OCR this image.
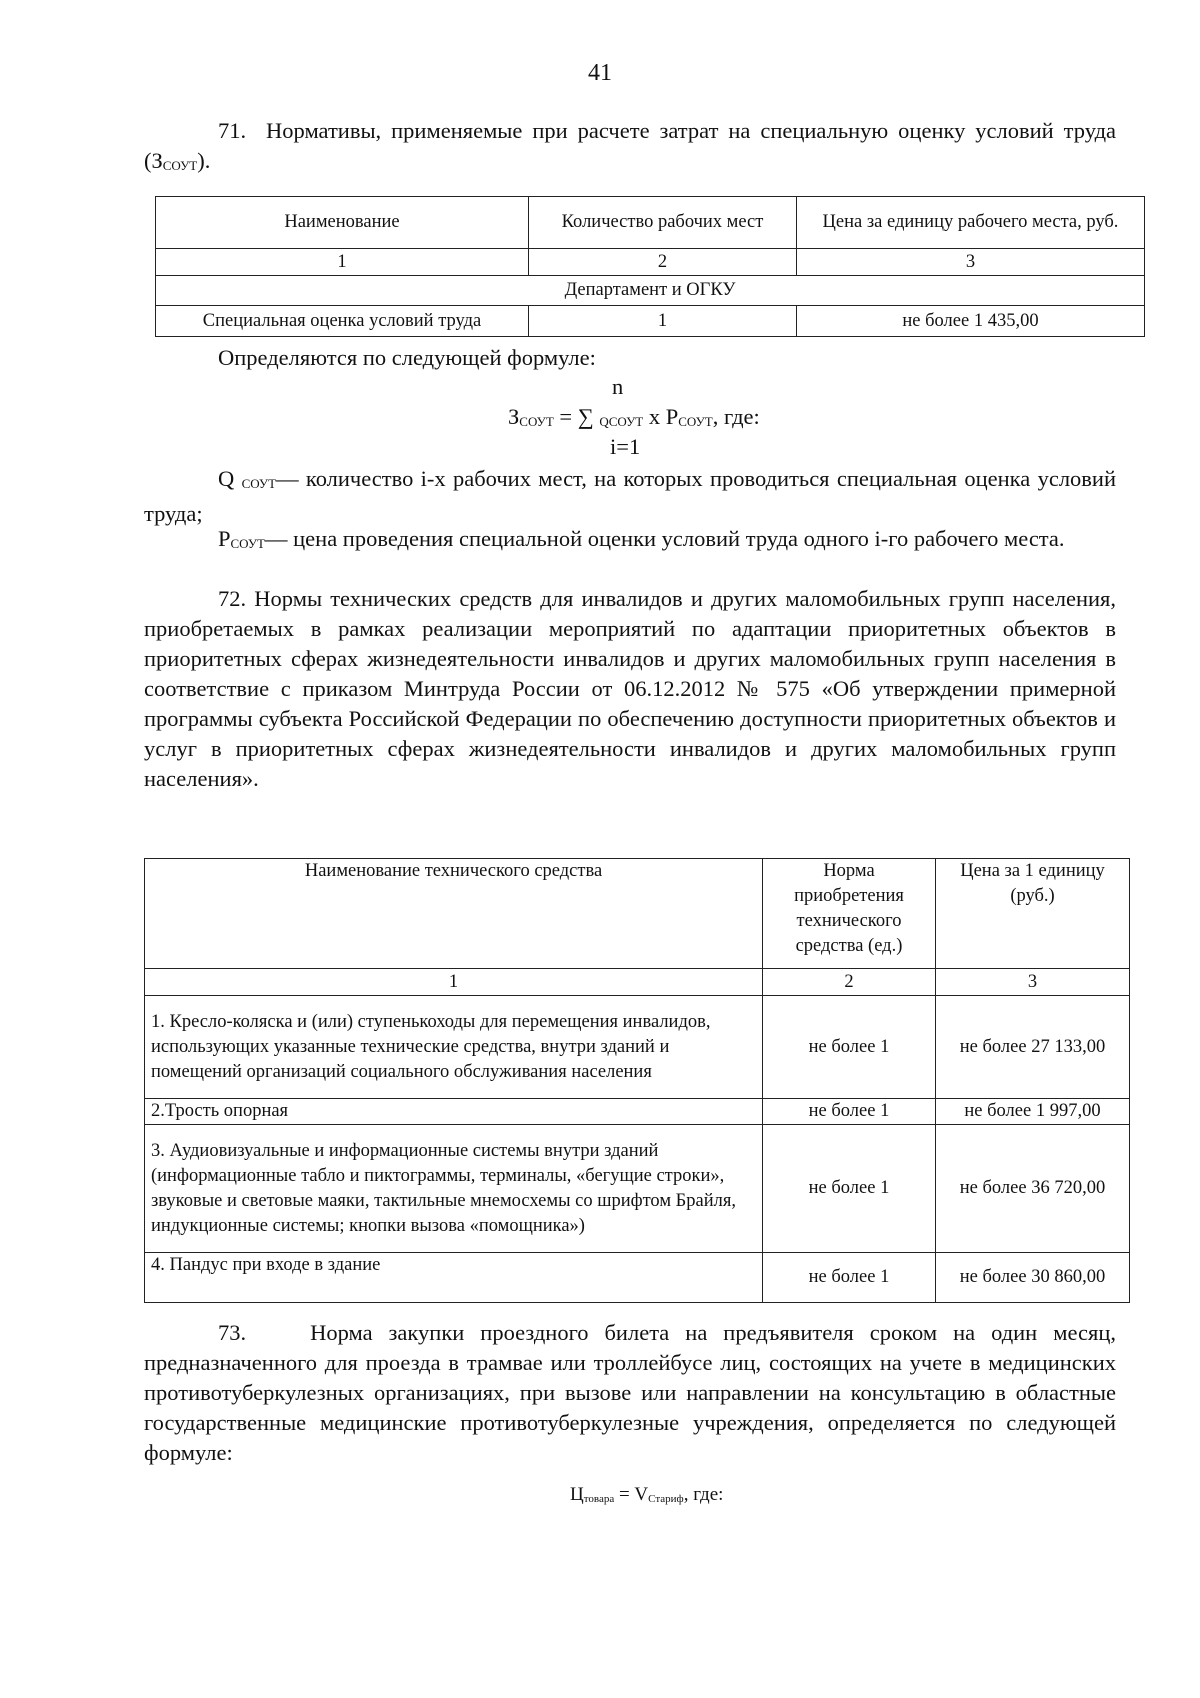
41
71. Нормативы, применяемые при расчете затрат на специальную оценку условий труда $(З_{СОУТ})$.
Наименование	Количество рабочих мест	Цена за единицу рабочего места, руб.
1	2	3
Департамент и ОГКУ		
Специальная оценка условий труда	1	не более 1 435,00
Определяются по следующей формуле:
n
$З_{СОУТ}$ = ∑ $_{QСОУТ}$ х $Р_{СОУТ}$, где:
i=1
Q $_{СОУТ}$— количество i-х рабочих мест, на которых проводиться специальная оценка условий труда;
$Р_{СОУТ}—$ цена проведения специальной оценки условий труда одного i-го рабочего места.
72. Нормы технических средств для инвалидов и других маломобильных групп населения, приобретаемых в рамках реализации мероприятий по адаптации приоритетных объектов в приоритетных сферах жизнедеятельности инвалидов и других маломобильных групп населения в соответствие с приказом Минтруда России от 06.12.2012 № 575 «Об утверждении примерной программы субъекта Российской Федерации по обеспечению доступности приоритетных объектов и услуг в приоритетных сферах жизнедеятельности инвалидов и других маломобильных групп населения».
Наименование технического средства	Норма приобретения технического средства (ед.)	Цена за 1 единицу (руб.)
1	2	3
1. Кресло-коляска и (или) ступенькоходы для перемещения инвалидов, использующих указанные технические средства, внутри зданий и помещений организаций социального обслуживания населения	не более 1	не более 27 133,00
2.Трость опорная	не более 1	не более 1 997,00
3. Аудиовизуальные и информационные системы внутри зданий (информационные табло и пиктограммы, терминалы, «бегущие строки», звуковые и световые маяки, тактильные мнемосхемы со шрифтом Брайля, индукционные системы; кнопки вызова «помощника»)	не более 1	не более 36 720,00
4. Пандус при входе в здание	не более 1	не более 30 860,00
73.	Норма закупки проездного билета на предъявителя сроком на один месяц, предназначенного для проезда в трамвае или троллейбусе лиц, состоящих на учете в медицинских противотуберкулезных организациях, при вызове или направлении на консультацию в областные государственные медицинские противотуберкулезные учреждения, определяется по следующей формуле:
$Ц_{товара} = V_{Стариф}$, где:
